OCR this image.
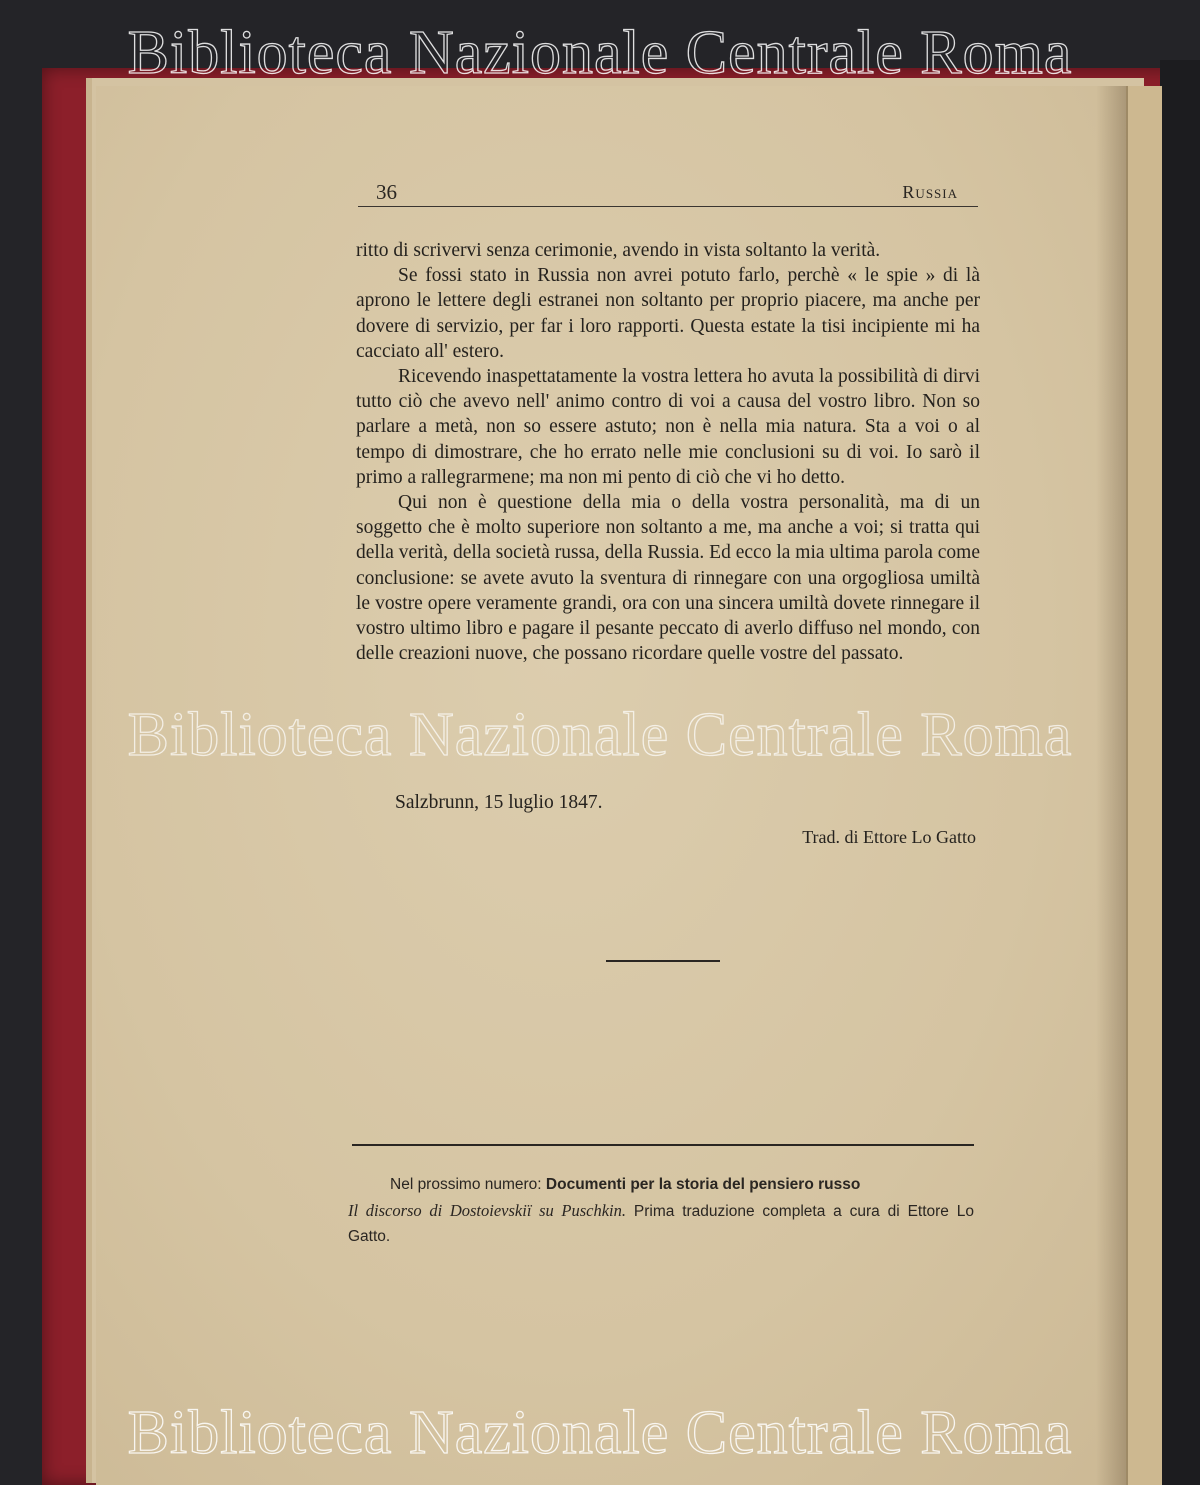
36	Russia

ritto di scrivervi senza cerimonie, avendo in vista soltanto la verità.

Se fossi stato in Russia non avrei potuto farlo, perchè « le spie » di là aprono le lettere degli estranei non soltanto per proprio piacere, ma anche per dovere di servizio, per far i loro rapporti. Questa estate la tisi incipiente mi ha cacciato all' estero.

Ricevendo inaspettatamente la vostra lettera ho avuta la possibilità di dirvi tutto ciò che avevo nell' animo contro di voi a causa del vostro libro. Non so parlare a metà, non so essere astuto; non è nella mia natura. Sta a voi o al tempo di dimostrare, che ho errato nelle mie conclusioni su di voi. Io sarò il primo a rallegrarmene; ma non mi pento di ciò che vi ho detto.

Qui non è questione della mia o della vostra personalità, ma di un soggetto che è molto superiore non soltanto a me, ma anche a voi; si tratta qui della verità, della società russa, della Russia. Ed ecco la mia ultima parola come conclusione: se avete avuto la sventura di rinnegare con una orgogliosa umiltà le vostre opere veramente grandi, ora con una sincera umiltà dovete rinnegare il vostro ultimo libro e pagare il pesante peccato di averlo diffuso nel mondo, con delle creazioni nuove, che possano ricordare quelle vostre del passato.

Salzbrunn, 15 luglio 1847.
Trad. di Ettore Lo Gatto
Nel prossimo numero: Documenti per la storia del pensiero russo
Il discorso di Dostoievskiï su Puschkin. Prima traduzione completa a cura di Ettore Lo Gatto.
Biblioteca Nazionale Centrale Roma
Biblioteca Nazionale Centrale Roma
Biblioteca Nazionale Centrale Roma
